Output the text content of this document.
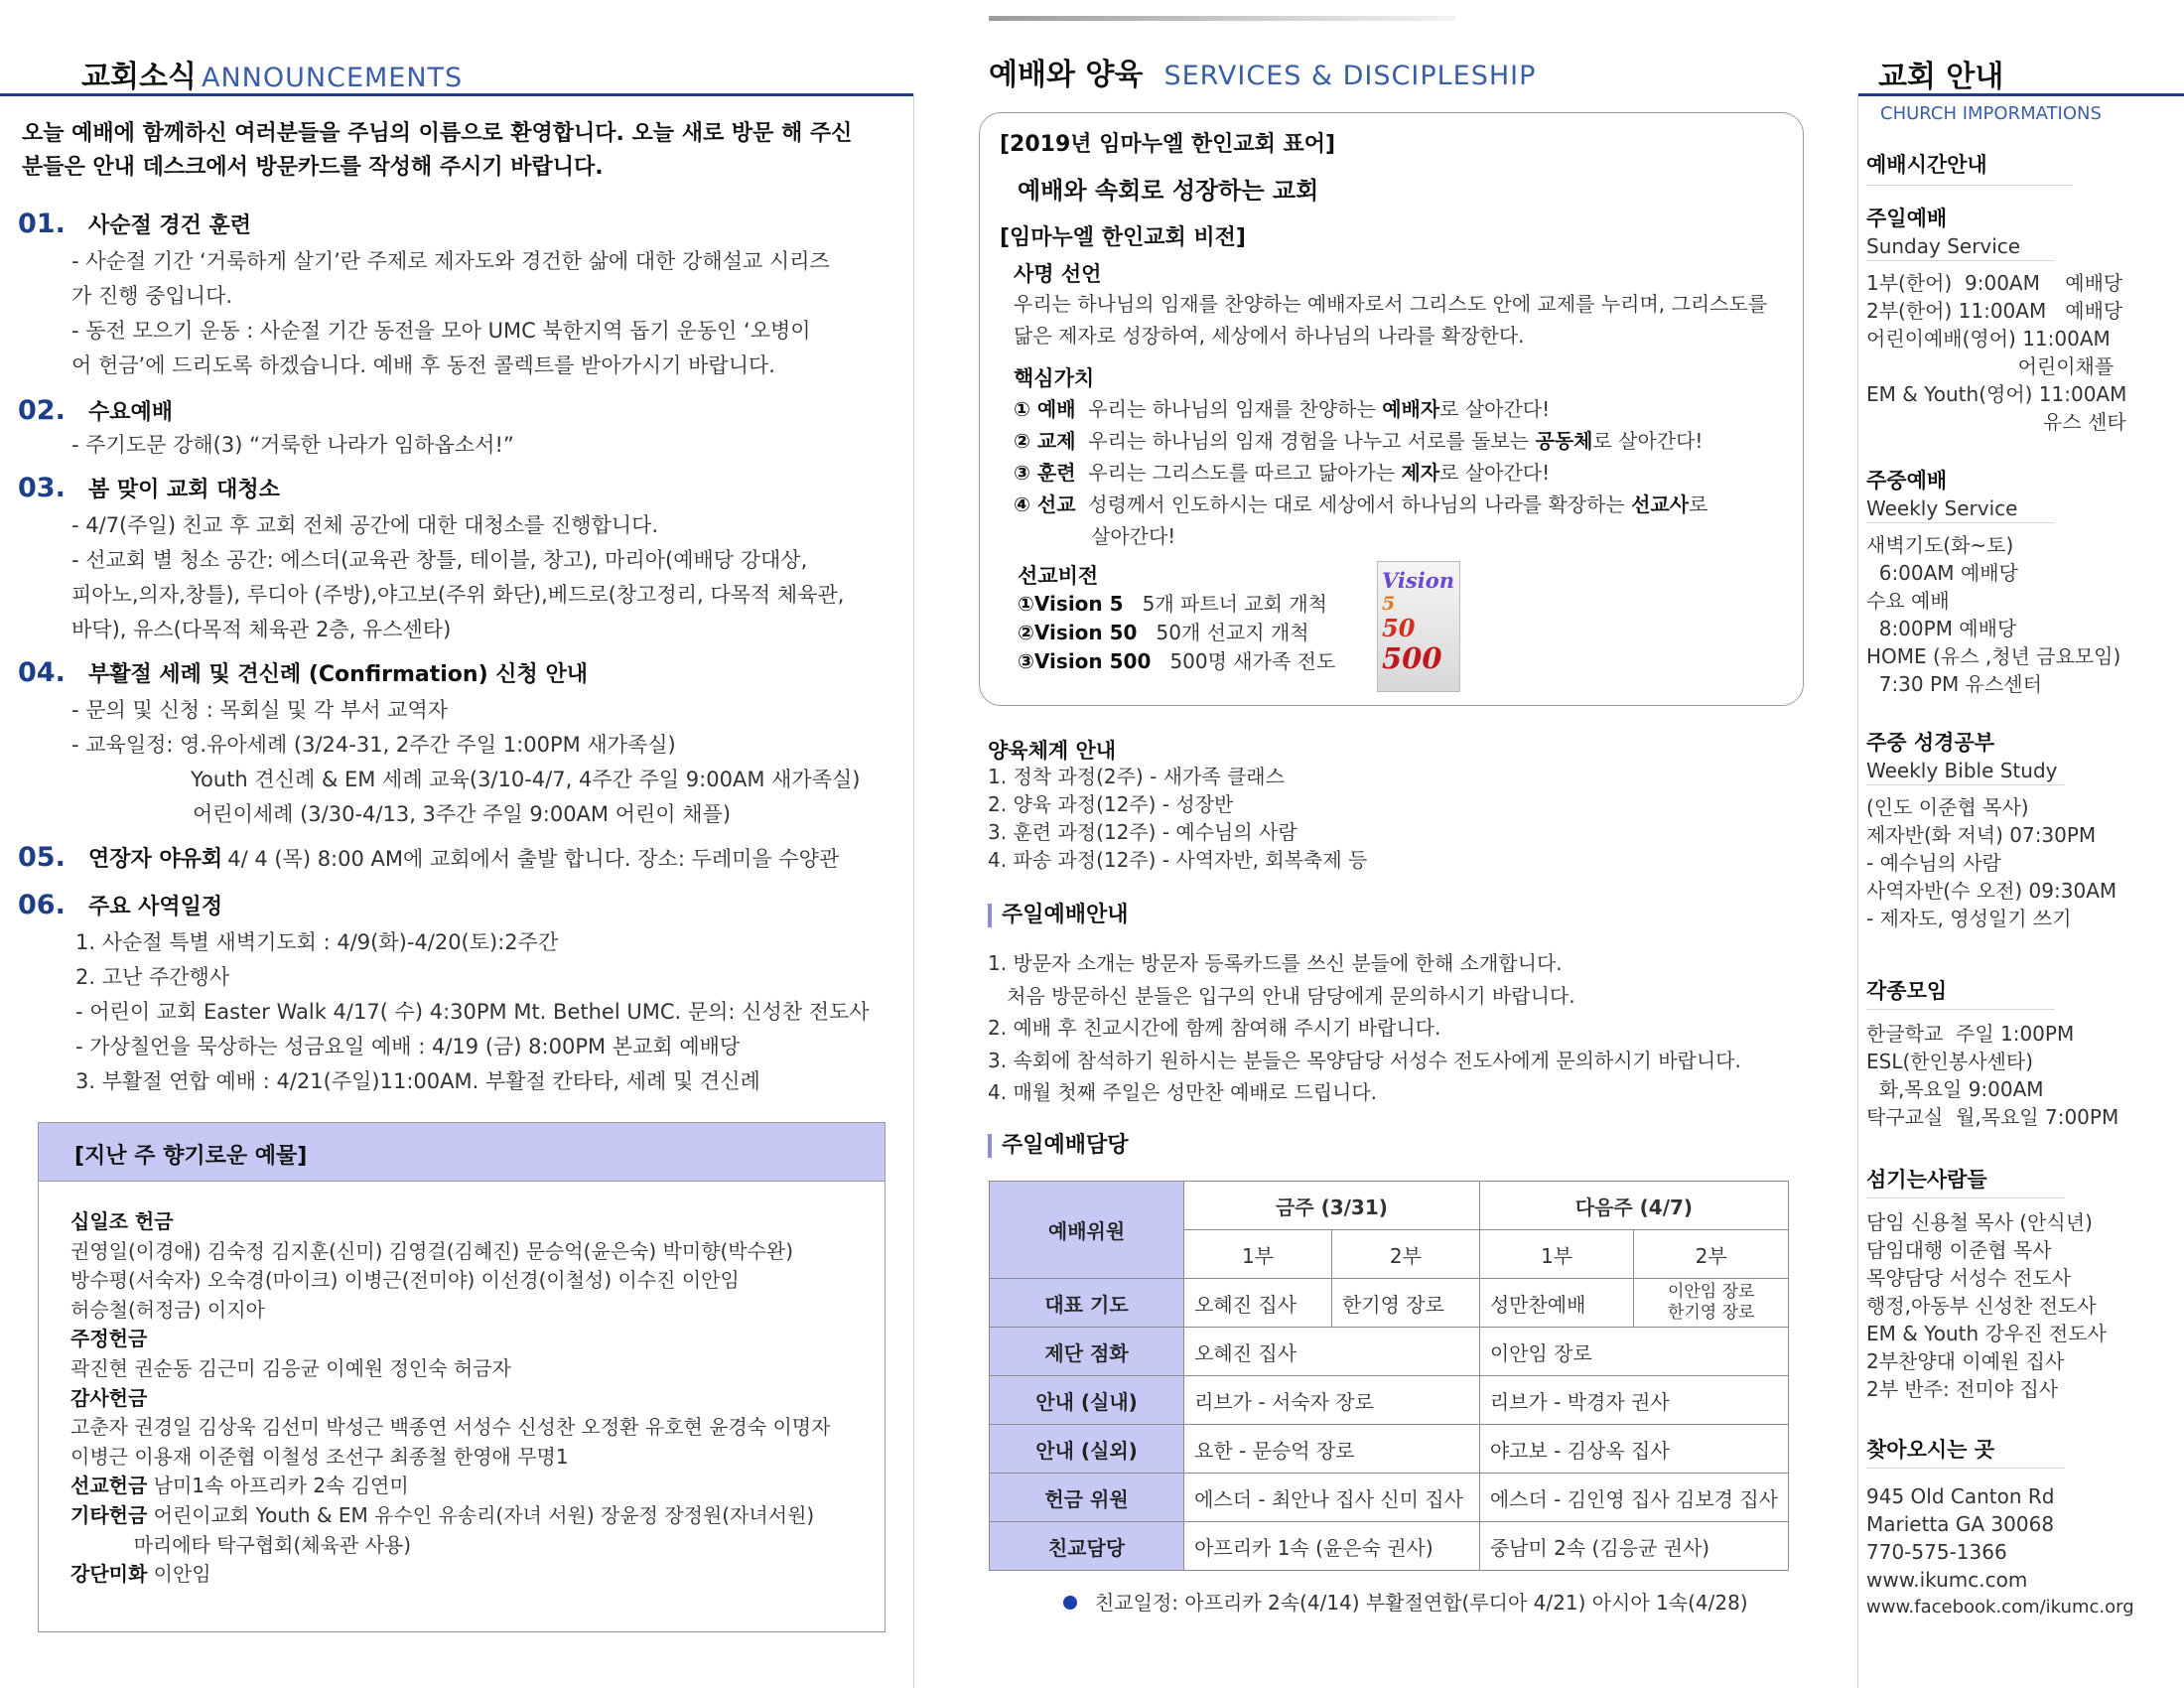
교회소식 ANNOUNCEMENTS
오늘 예배에 함께하신 여러분들을 주님의 이름으로 환영합니다. 오늘 새로 방문 해 주신
분들은 안내 데스크에서 방문카드를 작성해 주시기 바랍니다.
01. 사순절 경건 훈련
- 사순절 기간 ‘거룩하게 살기’란 주제로 제자도와 경건한 삶에 대한 강해설교 시리즈
가 진행 중입니다.
- 동전 모으기 운동 : 사순절 기간 동전을 모아 UMC 북한지역 돕기 운동인 ‘오병이
어 헌금’에 드리도록 하겠습니다. 예배 후 동전 콜렉트를 받아가시기 바랍니다.
02. 수요예배
- 주기도문 강해(3) “거룩한 나라가 임하옵소서!”
03. 봄 맞이 교회 대청소
- 4/7(주일) 친교 후 교회 전체 공간에 대한 대청소를 진행합니다.
- 선교회 별 청소 공간: 에스더(교육관 창틀, 테이블, 창고), 마리아(예배당 강대상,
피아노,의자,창틀), 루디아 (주방),야고보(주위 화단),베드로(창고정리, 다목적 체육관,
바닥), 유스(다목적 체육관 2층, 유스센타)
04. 부활절 세례 및 견신례 (Confirmation) 신청 안내
- 문의 및 신청 : 목회실 및 각 부서 교역자
- 교육일정: 영.유아세례 (3/24-31, 2주간 주일 1:00PM 새가족실)
Youth 견신례 & EM 세례 교육(3/10-4/7, 4주간 주일 9:00AM 새가족실)
어린이세례 (3/30-4/13, 3주간 주일 9:00AM 어린이 채플)
05. 연장자 야유회 4/ 4 (목) 8:00 AM에 교회에서 출발 합니다. 장소: 두레미을 수양관
06. 주요 사역일정
1. 사순절 특별 새벽기도회 : 4/9(화)-4/20(토):2주간
2. 고난 주간행사
- 어린이 교회 Easter Walk 4/17( 수) 4:30PM Mt. Bethel UMC. 문의: 신성찬 전도사
- 가상칠언을 묵상하는 성금요일 예배 : 4/19 (금) 8:00PM 본교회 예배당
3. 부활절 연합 예배 : 4/21(주일)11:00AM. 부활절 칸타타, 세례 및 견신례
[지난 주 향기로운 예물]
십일조 헌금
권영일(이경애) 김숙정 김지훈(신미) 김영걸(김혜진) 문승억(윤은숙) 박미향(박수완)
방수평(서숙자) 오숙경(마이크) 이병근(전미야) 이선경(이철성) 이수진 이안임
허승철(허정금) 이지아
주정헌금
곽진현 권순동 김근미 김응균 이예원 정인숙 허금자
감사헌금
고춘자 권경일 김상욱 김선미 박성근 백종연 서성수 신성찬 오정환 유호현 윤경숙 이명자
이병근 이용재 이준협 이철성 조선구 최종철 한영애 무명1
선교헌금 남미1속 아프리카 2속 김연미
기타헌금 어린이교회 Youth & EM 유수인 유송리(자녀 서원) 장윤정 장정원(자녀서원)
마리에타 탁구협회(체육관 사용)
강단미화 이안임
예배와 양육 SERVICES & DISCIPLESHIP
[2019년 임마누엘 한인교회 표어]
예배와 속회로 성장하는 교회
[임마누엘 한인교회 비전]
사명 선언
우리는 하나님의 임재를 찬양하는 예배자로서 그리스도 안에 교제를 누리며, 그리스도를
닮은 제자로 성장하여, 세상에서 하나님의 나라를 확장한다.
핵심가치
① 예배 우리는 하나님의 임재를 찬양하는 예배자로 살아간다!
② 교제 우리는 하나님의 임재 경험을 나누고 서로를 돌보는 공동체로 살아간다!
③ 훈련 우리는 그리스도를 따르고 닮아가는 제자로 살아간다!
④ 선교 성령께서 인도하시는 대로 세상에서 하나님의 나라를 확장하는 선교사로
살아간다!
선교비전
①Vision 5 5개 파트너 교회 개척
②Vision 50 50개 선교지 개척
③Vision 500 500명 새가족 전도
Vision
5
50
500
양육체계 안내
1. 정착 과정(2주) - 새가족 클래스
2. 양육 과정(12주) - 성장반
3. 훈련 과정(12주) - 예수님의 사람
4. 파송 과정(12주) - 사역자반, 회복축제 등
주일예배안내
1. 방문자 소개는 방문자 등록카드를 쓰신 분들에 한해 소개합니다.
처음 방문하신 분들은 입구의 안내 담당에게 문의하시기 바랍니다.
2. 예배 후 친교시간에 함께 참여해 주시기 바랍니다.
3. 속회에 참석하기 원하시는 분들은 목양담당 서성수 전도사에게 문의하시기 바랍니다.
4. 매월 첫째 주일은 성만찬 예배로 드립니다.
주일예배담당
예배위원	금주 (3/31)		다음주 (4/7)	
	1부	2부	1부	2부
대표 기도	오혜진 집사	한기영 장로	성만찬예배	이안임 장로
한기영 장로

제단 점화	오혜진 집사		이안임 장로	
안내 (실내)	리브가 - 서숙자 장로		리브가 - 박경자 권사	
안내 (실외)	요한 - 문승억 장로		야고보 - 김상옥 집사	
헌금 위원	에스더 - 최안나 집사 신미 집사		에스더 - 김인영 집사 김보경 집사	
친교담당	아프리카 1속 (윤은숙 권사)		중남미 2속 (김응균 권사)	
친교일정: 아프리카 2속(4/14) 부활절연합(루디아 4/21) 아시아 1속(4/28)
교회 안내
CHURCH IMPORMATIONS
예배시간안내
주일예배
Sunday Service
1부(한어)  9:00AM    예배당
2부(한어) 11:00AM   예배당
어린이예배(영어) 11:00AM
어린이채플
EM & Youth(영어) 11:00AM
유스 센타
주중예배
Weekly Service
새벽기도(화~토)
6:00AM 예배당
수요 예배
8:00PM 예배당
HOME (유스 ,청년 금요모임)
7:30 PM 유스센터
주중 성경공부
Weekly Bible Study
(인도 이준협 목사)
제자반(화 저녁) 07:30PM
- 예수님의 사람
사역자반(수 오전) 09:30AM
- 제자도, 영성일기 쓰기
각종모임
한글학교  주일 1:00PM
ESL(한인봉사센타)
화,목요일 9:00AM
탁구교실  월,목요일 7:00PM
섬기는사람들
담임 신용철 목사 (안식년)
담임대행 이준협 목사
목양담당 서성수 전도사
행정,아동부 신성찬 전도사
EM & Youth 강우진 전도사
2부찬양대 이예원 집사
2부 반주: 전미야 집사
찾아오시는 곳
945 Old Canton Rd
Marietta GA 30068
770-575-1366
www.ikumc.com
www.facebook.com/ikumc.org
